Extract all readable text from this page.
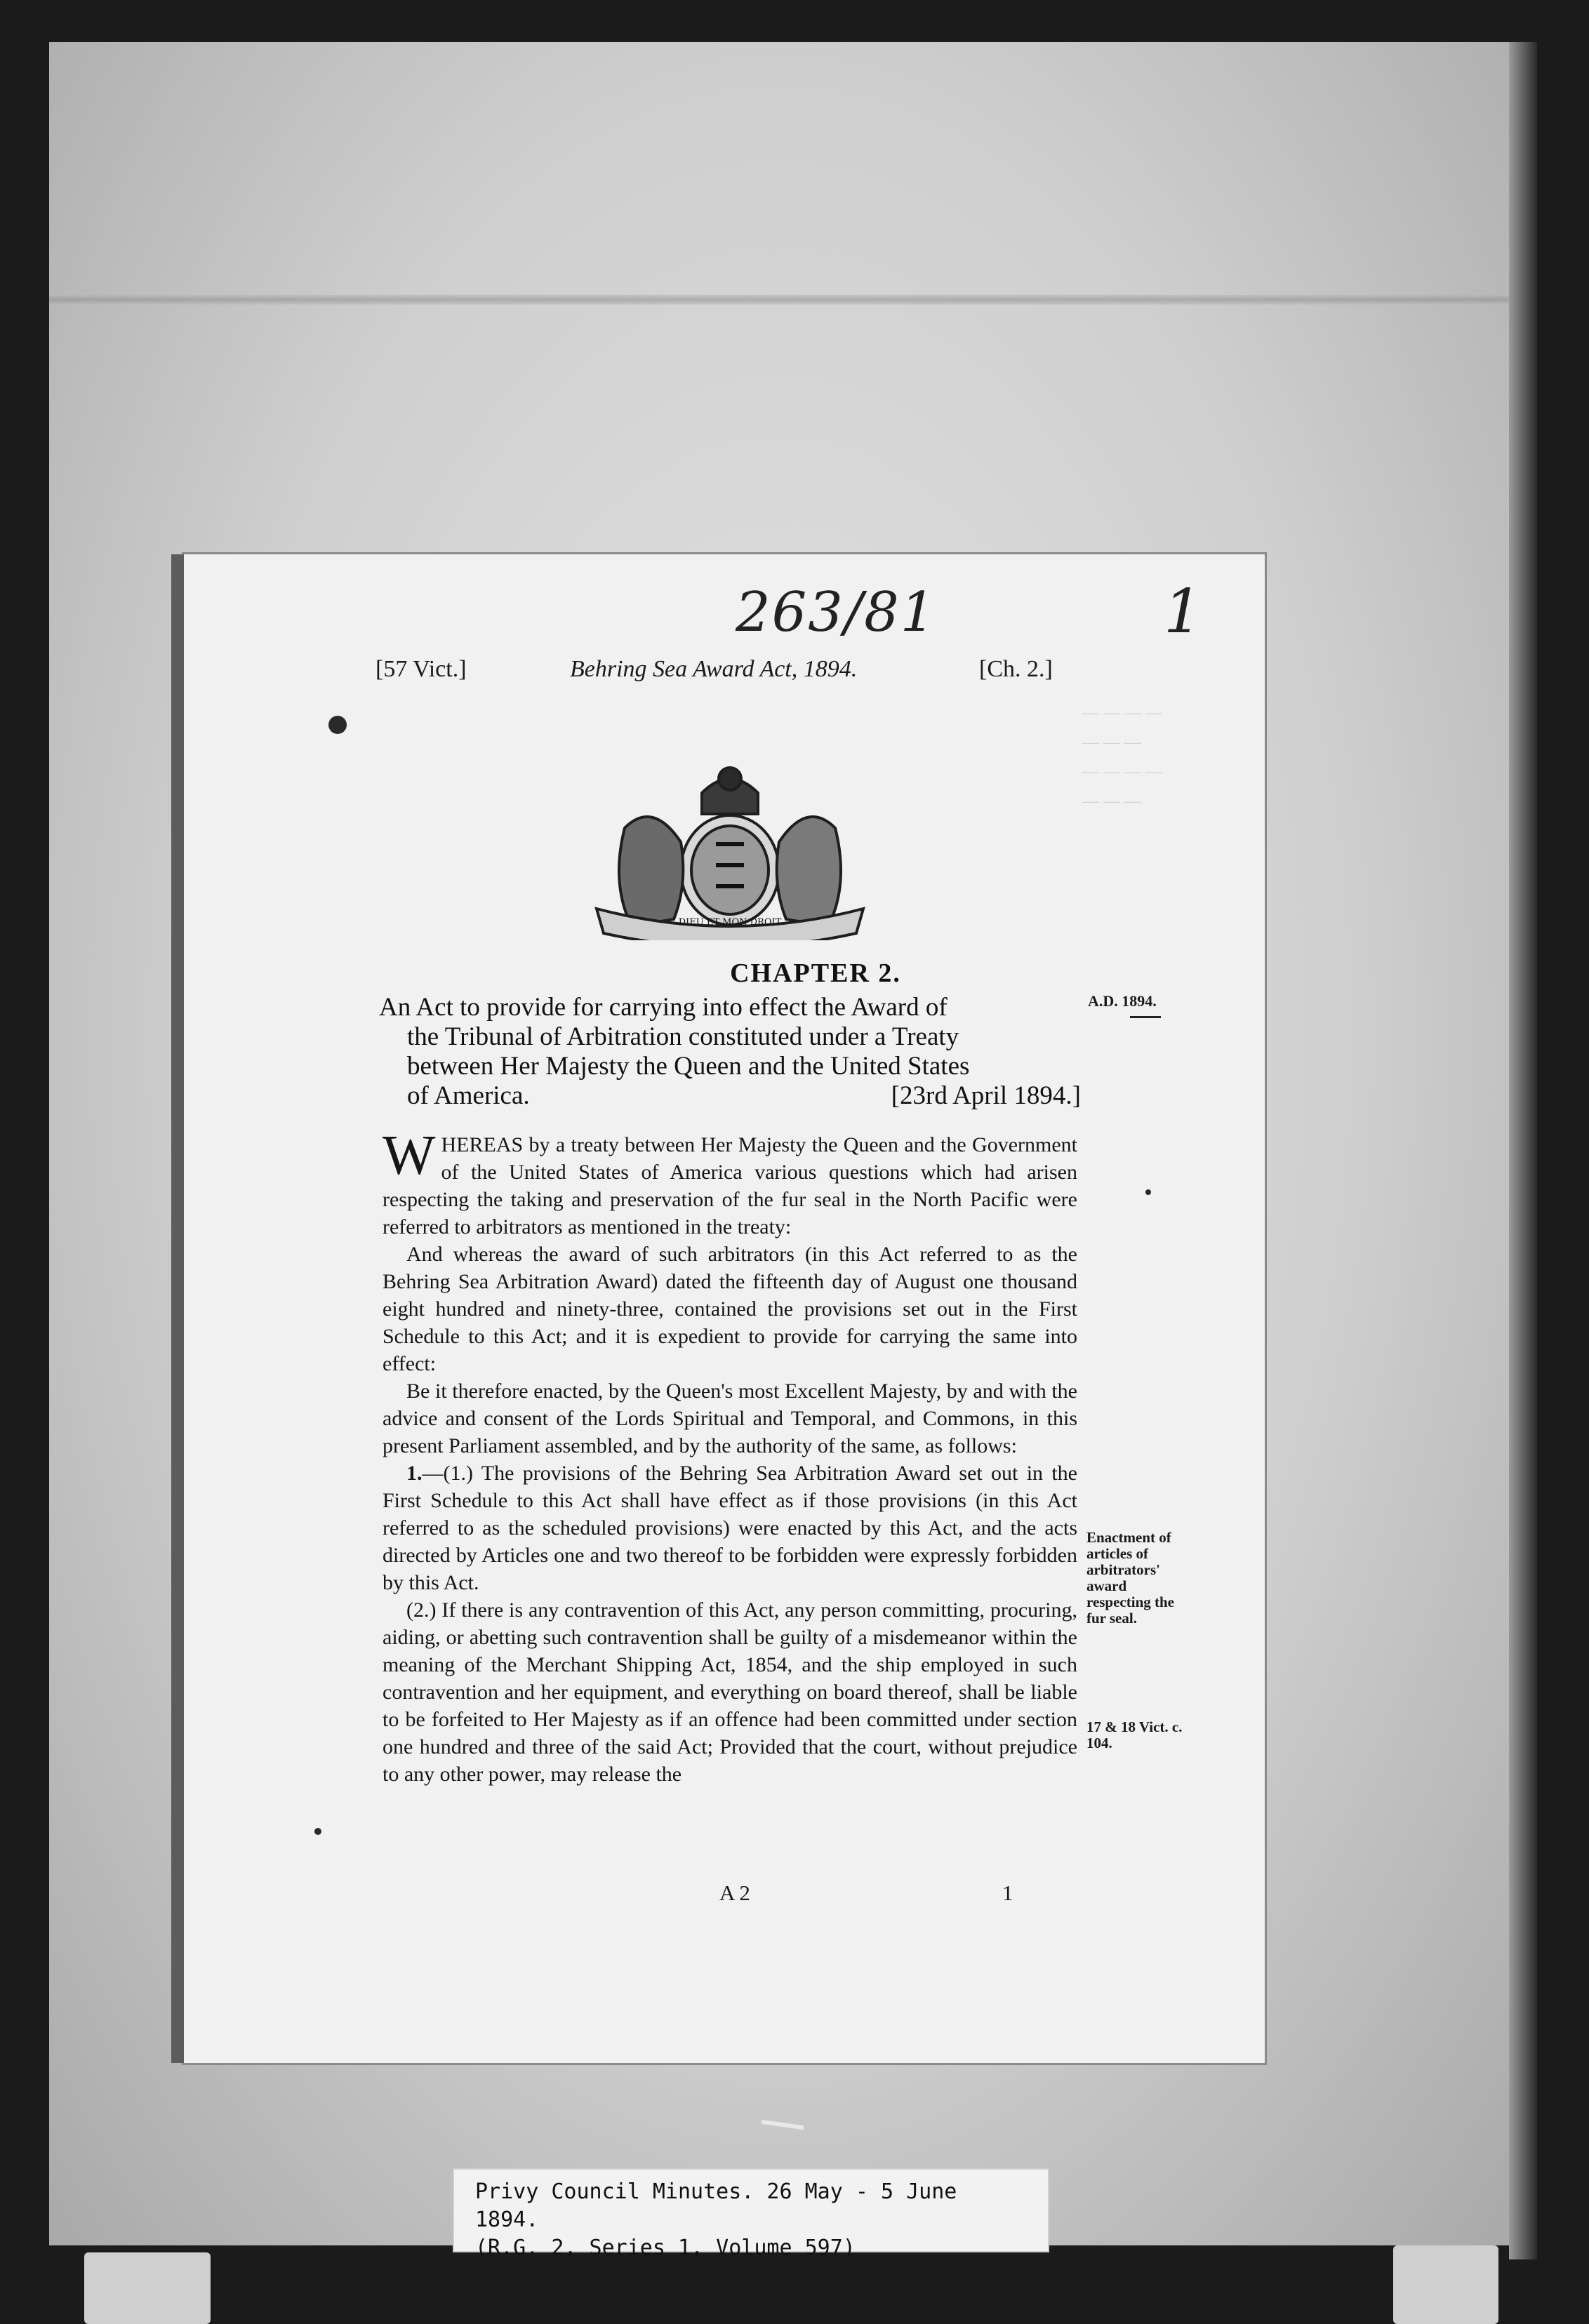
— — — —
— — —
— — — —
— — —
263/81	1
[57 Vict.]	Behring Sea Award Act, 1894.	[Ch. 2.]
DIEU ET MON DROIT
CHAPTER 2.
An Act to provide for carrying into effect the Award of
the Tribunal of Arbitration constituted under a Treaty
between Her Majesty the Queen and the United States
of America.	[23rd April 1894.]
A.D. 1894.

WHEREAS by a treaty between Her Majesty the Queen and the Government of the United States of America various questions which had arisen respecting the taking and preservation of the fur seal in the North Pacific were referred to arbitrators as mentioned in the treaty:

And whereas the award of such arbitrators (in this Act referred to as the Behring Sea Arbitration Award) dated the fifteenth day of August one thousand eight hundred and ninety-three, contained the provisions set out in the First Schedule to this Act; and it is expedient to provide for carrying the same into effect:

Be it therefore enacted, by the Queen's most Excellent Majesty, by and with the advice and consent of the Lords Spiritual and Temporal, and Commons, in this present Parliament assembled, and by the authority of the same, as follows:

1.—(1.) The provisions of the Behring Sea Arbitration Award set out in the First Schedule to this Act shall have effect as if those provisions (in this Act referred to as the scheduled provisions) were enacted by this Act, and the acts directed by Articles one and two thereof to be forbidden were expressly forbidden by this Act.

(2.) If there is any contravention of this Act, any person committing, procuring, aiding, or abetting such contravention shall be guilty of a misdemeanor within the meaning of the Merchant Shipping Act, 1854, and the ship employed in such contravention and her equipment, and everything on board thereof, shall be liable to be forfeited to Her Majesty as if an offence had been committed under section one hundred and three of the said Act; Provided that the court, without prejudice to any other power, may release the

Enactment of articles of arbitrators' award respecting the fur seal.
17 & 18 Vict. c. 104.
A 2	1
Privy Council Minutes. 26 May - 5 June 1894.
(R.G. 2, Series 1, Volume 597)
